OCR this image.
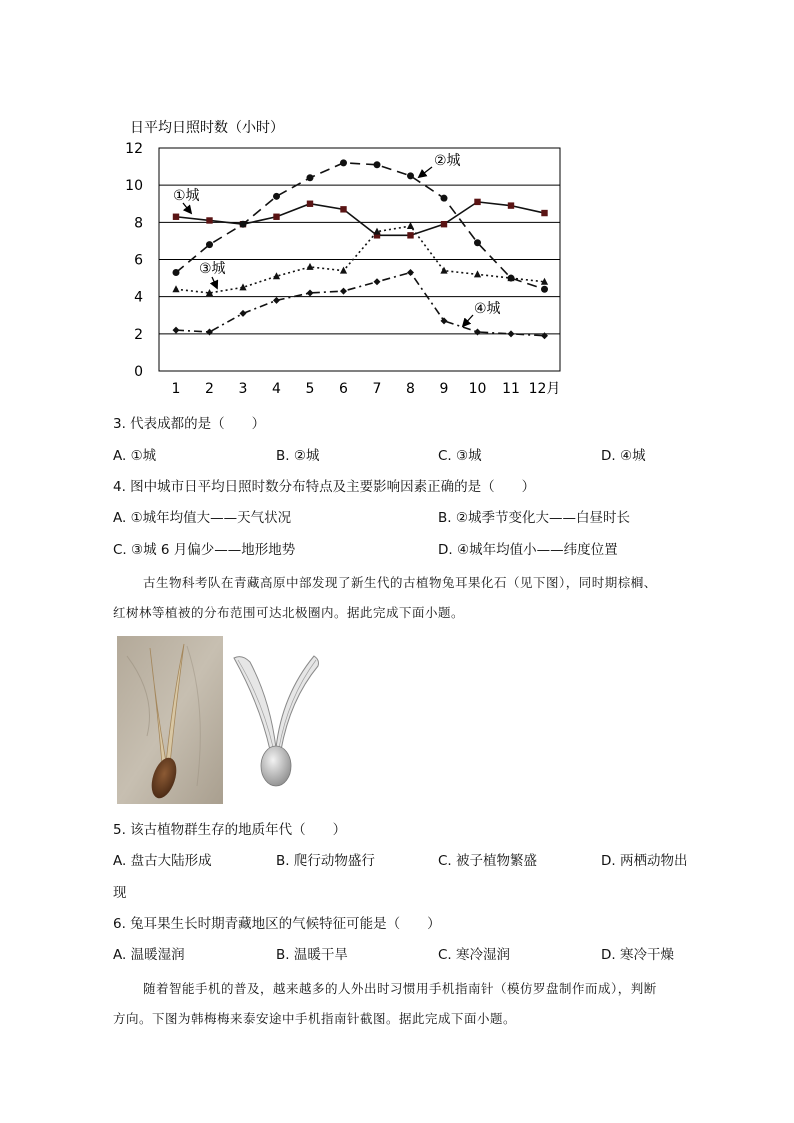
日平均日照时数（小时）
0
2
4
6
8
10
12
1 2 3 4 5 6 7 8 9 10 11 12月
①城
②城
③城
④城
3. 代表成都的是（　　）
A. ①城	B. ②城	C. ③城	D. ④城
4. 图中城市日平均日照时数分布特点及主要影响因素正确的是（　　）
A. ①城年均值大——天气状况	B. ②城季节变化大——白昼时长
C. ③城 6 月偏少——地形地势	D. ④城年均值小——纬度位置
古生物科考队在青藏高原中部发现了新生代的古植物兔耳果化石（见下图），同时期棕榈、
红树林等植被的分布范围可达北极圈内。据此完成下面小题。
5. 该古植物群生存的地质年代（　　）
A. 盘古大陆形成	B. 爬行动物盛行	C. 被子植物繁盛	D. 两栖动物出
现
6. 兔耳果生长时期青藏地区的气候特征可能是（　　）
A. 温暖湿润	B. 温暖干旱	C. 寒冷湿润	D. 寒冷干燥
随着智能手机的普及，越来越多的人外出时习惯用手机指南针（模仿罗盘制作而成），判断
方向。下图为韩梅梅来泰安途中手机指南针截图。据此完成下面小题。
